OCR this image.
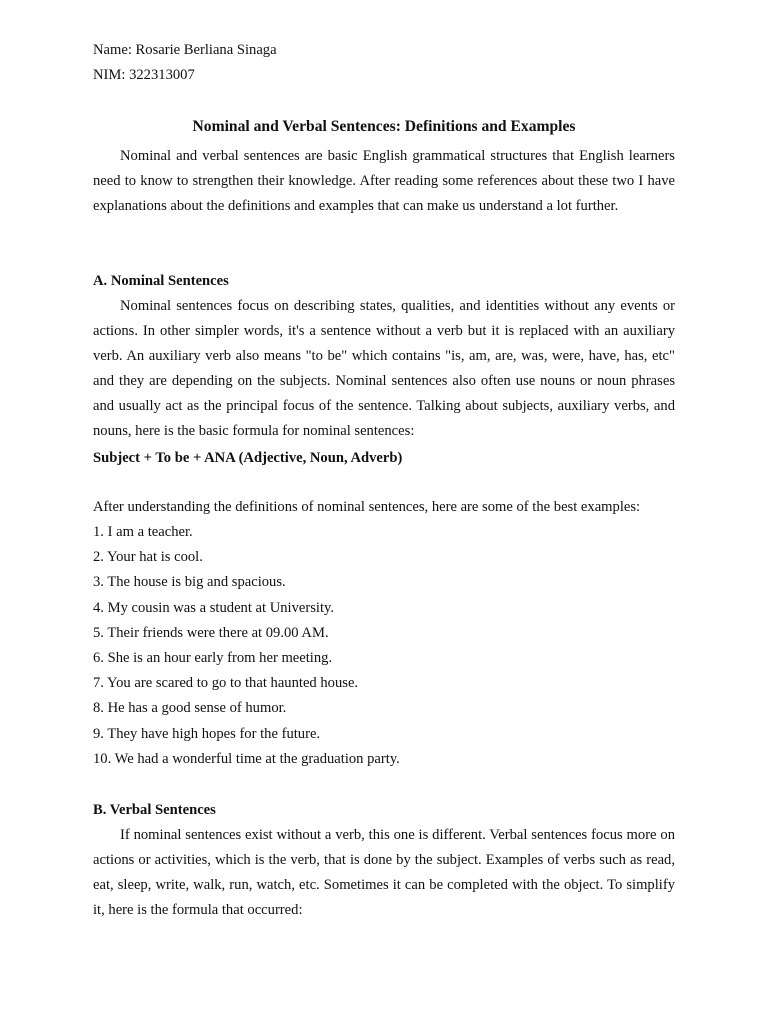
Name: Rosarie Berliana Sinaga
NIM: 322313007
Nominal and Verbal Sentences: Definitions and Examples

Nominal and verbal sentences are basic English grammatical structures that English learners need to know to strengthen their knowledge. After reading some references about these two I have explanations about the definitions and examples that can make us understand a lot further.

A. Nominal Sentences

Nominal sentences focus on describing states, qualities, and identities without any events or actions. In other simpler words, it's a sentence without a verb but it is replaced with an auxiliary verb. An auxiliary verb also means "to be" which contains "is, am, are, was, were, have, has, etc" and they are depending on the subjects. Nominal sentences also often use nouns or noun phrases and usually act as the principal focus of the sentence. Talking about subjects, auxiliary verbs, and nouns, here is the basic formula for nominal sentences:

Subject + To be + ANA (Adjective, Noun, Adverb)
After understanding the definitions of nominal sentences, here are some of the best examples:
1. I am a teacher.
2. Your hat is cool.
3. The house is big and spacious.
4. My cousin was a student at University.
5. Their friends were there at 09.00 AM.
6. She is an hour early from her meeting.
7. You are scared to go to that haunted house.
8. He has a good sense of humor.
9. They have high hopes for the future.
10. We had a wonderful time at the graduation party.
B. Verbal Sentences

If nominal sentences exist without a verb, this one is different. Verbal sentences focus more on actions or activities, which is the verb, that is done by the subject. Examples of verbs such as read, eat, sleep, write, walk, run, watch, etc. Sometimes it can be completed with the object. To simplify it, here is the formula that occurred:
